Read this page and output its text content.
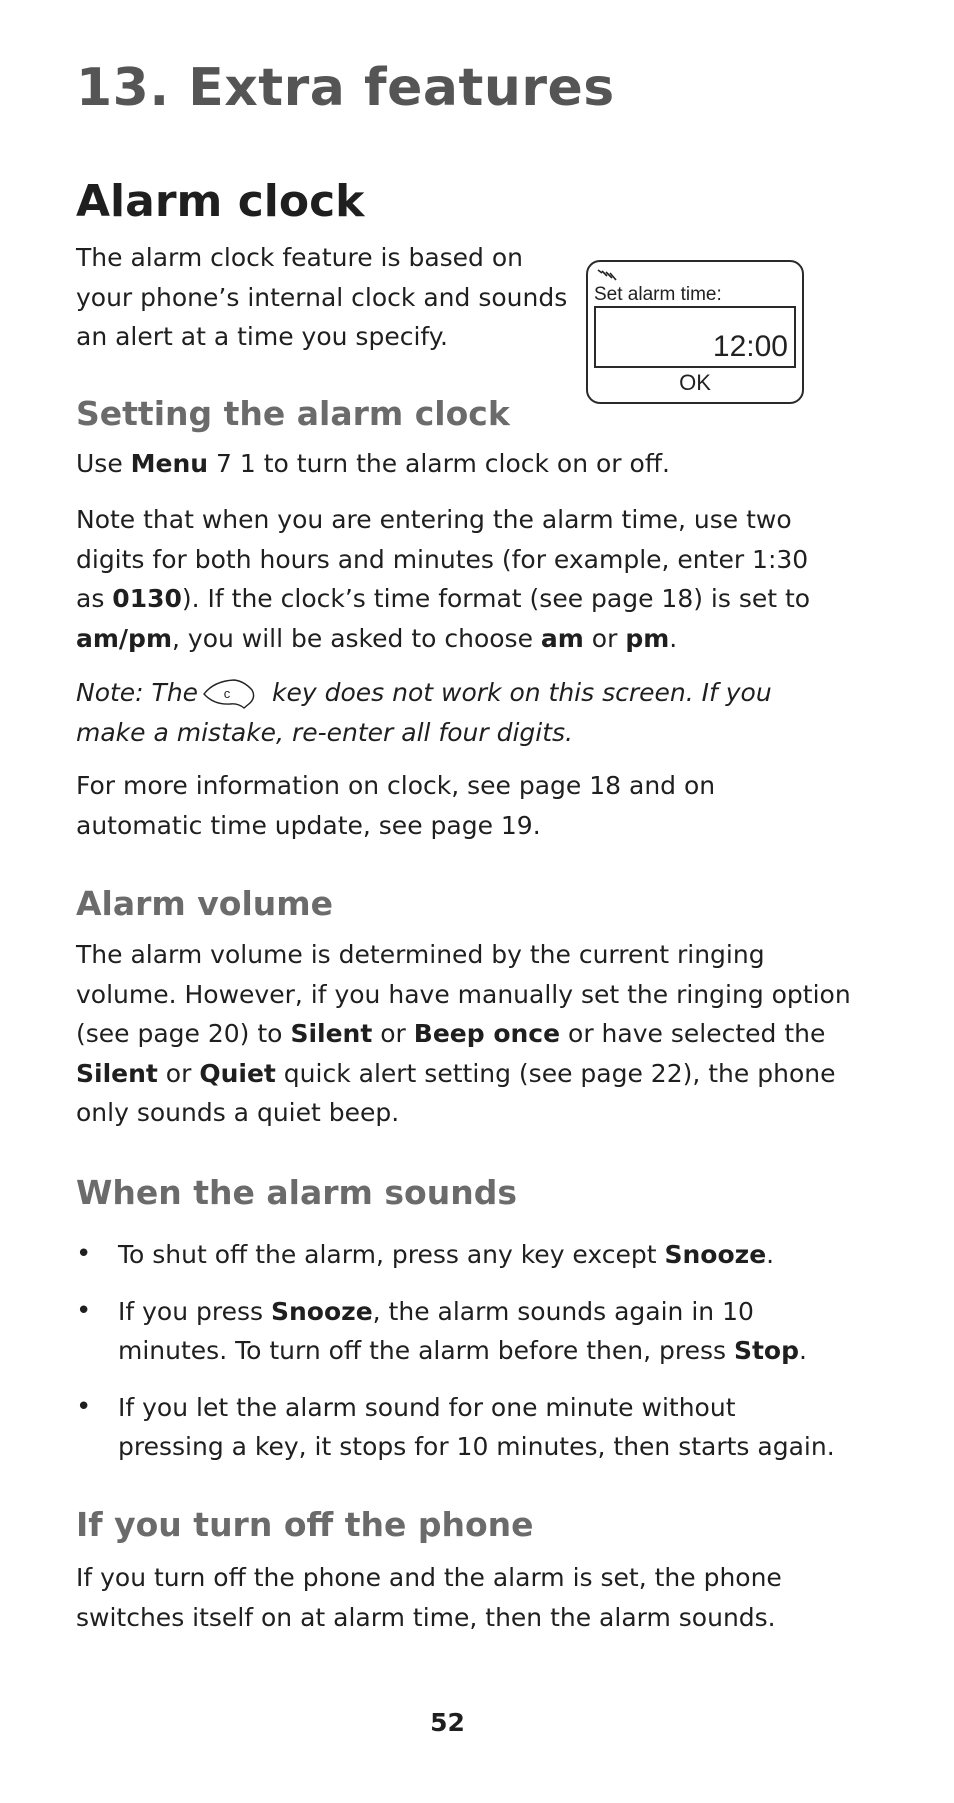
13. Extra features
Alarm clock

The alarm clock feature is based on your phone’s internal clock and sounds an alert at a time you specify.

Set alarm time:
12:00
OK
Setting the alarm clock

Use Menu 7 1 to turn the alarm clock on or off.

Note that when you are entering the alarm time, use two digits for both hours and minutes (for example, enter 1:30 as 0130). If the clock’s time format (see page 18) is set to am/pm, you will be asked to choose am or pm.

Note: The c key does not work on this screen. If you make a mistake, re-enter all four digits.

For more information on clock, see page 18 and on automatic time update, see page 19.

Alarm volume

The alarm volume is determined by the current ringing volume. However, if you have manually set the ringing option (see page 20) to Silent or Beep once or have selected the Silent or Quiet quick alert setting (see page 22), the phone only sounds a quiet beep.

When the alarm sounds
• To shut off the alarm, press any key except Snooze.
• If you press Snooze, the alarm sounds again in 10 minutes. To turn off the alarm before then, press Stop.
• If you let the alarm sound for one minute without pressing a key, it stops for 10 minutes, then starts again.
If you turn off the phone

If you turn off the phone and the alarm is set, the phone switches itself on at alarm time, then the alarm sounds.

52
